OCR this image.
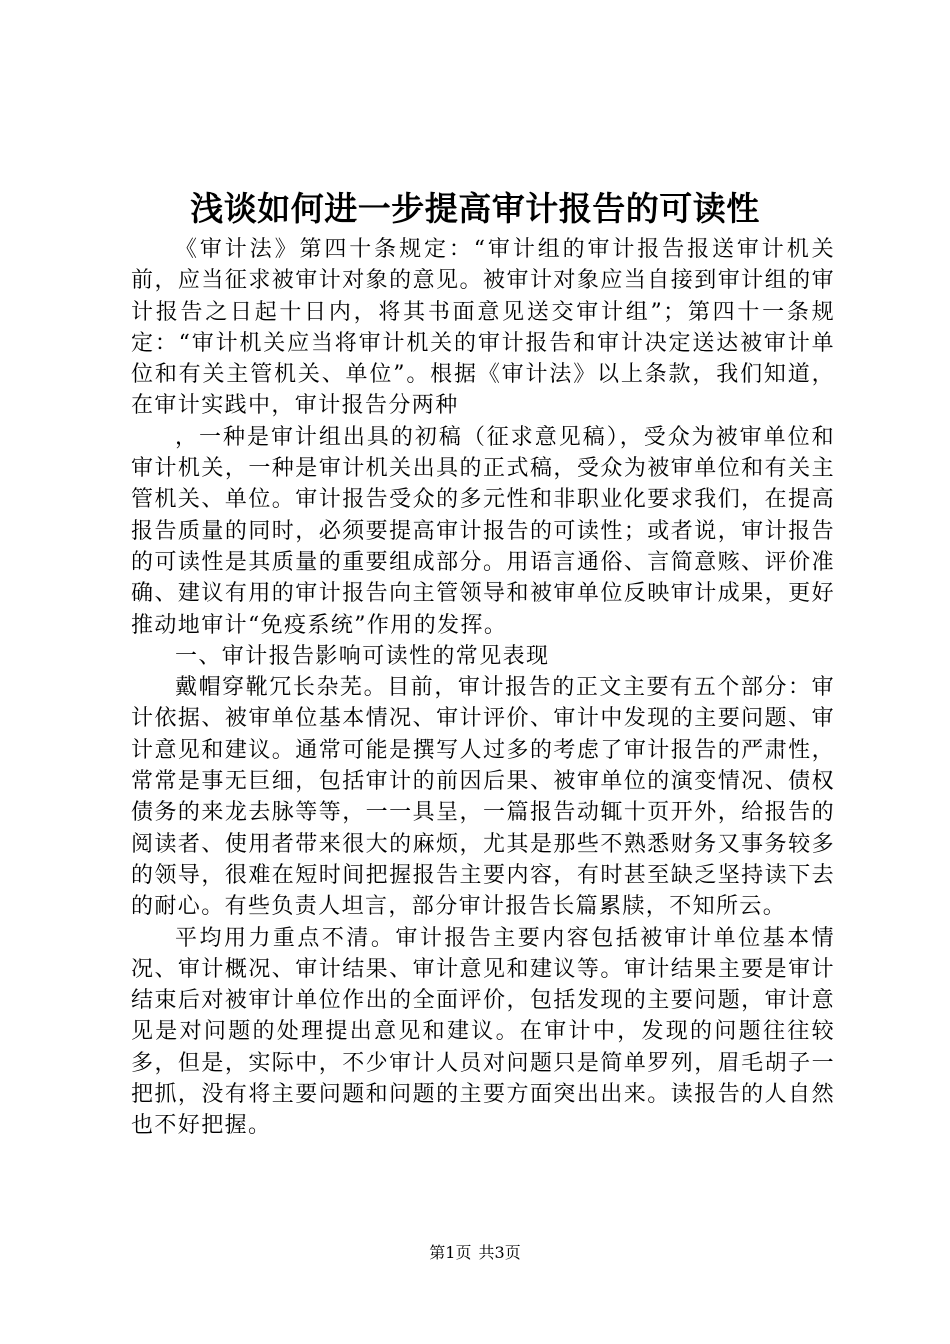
浅谈如何进一步提高审计报告的可读性

《审计法》第四十条规定：“审计组的审计报告报送审计机关前，应当征求被审计对象的意见。被审计对象应当自接到审计组的审计报告之日起十日内，将其书面意见送交审计组”；第四十一条规定：“审计机关应当将审计机关的审计报告和审计决定送达被审计单位和有关主管机关、单位”。根据《审计法》以上条款，我们知道，在审计实践中，审计报告分两种

，一种是审计组出具的初稿（征求意见稿），受众为被审单位和审计机关，一种是审计机关出具的正式稿，受众为被审单位和有关主管机关、单位。审计报告受众的多元性和非职业化要求我们，在提高报告质量的同时，必须要提高审计报告的可读性；或者说，审计报告的可读性是其质量的重要组成部分。用语言通俗、言简意赅、评价准确、建议有用的审计报告向主管领导和被审单位反映审计成果，更好推动地审计“免疫系统”作用的发挥。

一、审计报告影响可读性的常见表现

戴帽穿靴冗长杂芜。目前，审计报告的正文主要有五个部分：审计依据、被审单位基本情况、审计评价、审计中发现的主要问题、审计意见和建议。通常可能是撰写人过多的考虑了审计报告的严肃性，常常是事无巨细，包括审计的前因后果、被审单位的演变情况、债权债务的来龙去脉等等，一一具呈，一篇报告动辄十页开外，给报告的阅读者、使用者带来很大的麻烦，尤其是那些不熟悉财务又事务较多的领导，很难在短时间把握报告主要内容，有时甚至缺乏坚持读下去的耐心。有些负责人坦言，部分审计报告长篇累牍，不知所云。

平均用力重点不清。审计报告主要内容包括被审计单位基本情况、审计概况、审计结果、审计意见和建议等。审计结果主要是审计结束后对被审计单位作出的全面评价，包括发现的主要问题，审计意见是对问题的处理提出意见和建议。在审计中，发现的问题往往较多，但是，实际中，不少审计人员对问题只是简单罗列，眉毛胡子一把抓，没有将主要问题和问题的主要方面突出出来。读报告的人自然也不好把握。

第1页 共3页
